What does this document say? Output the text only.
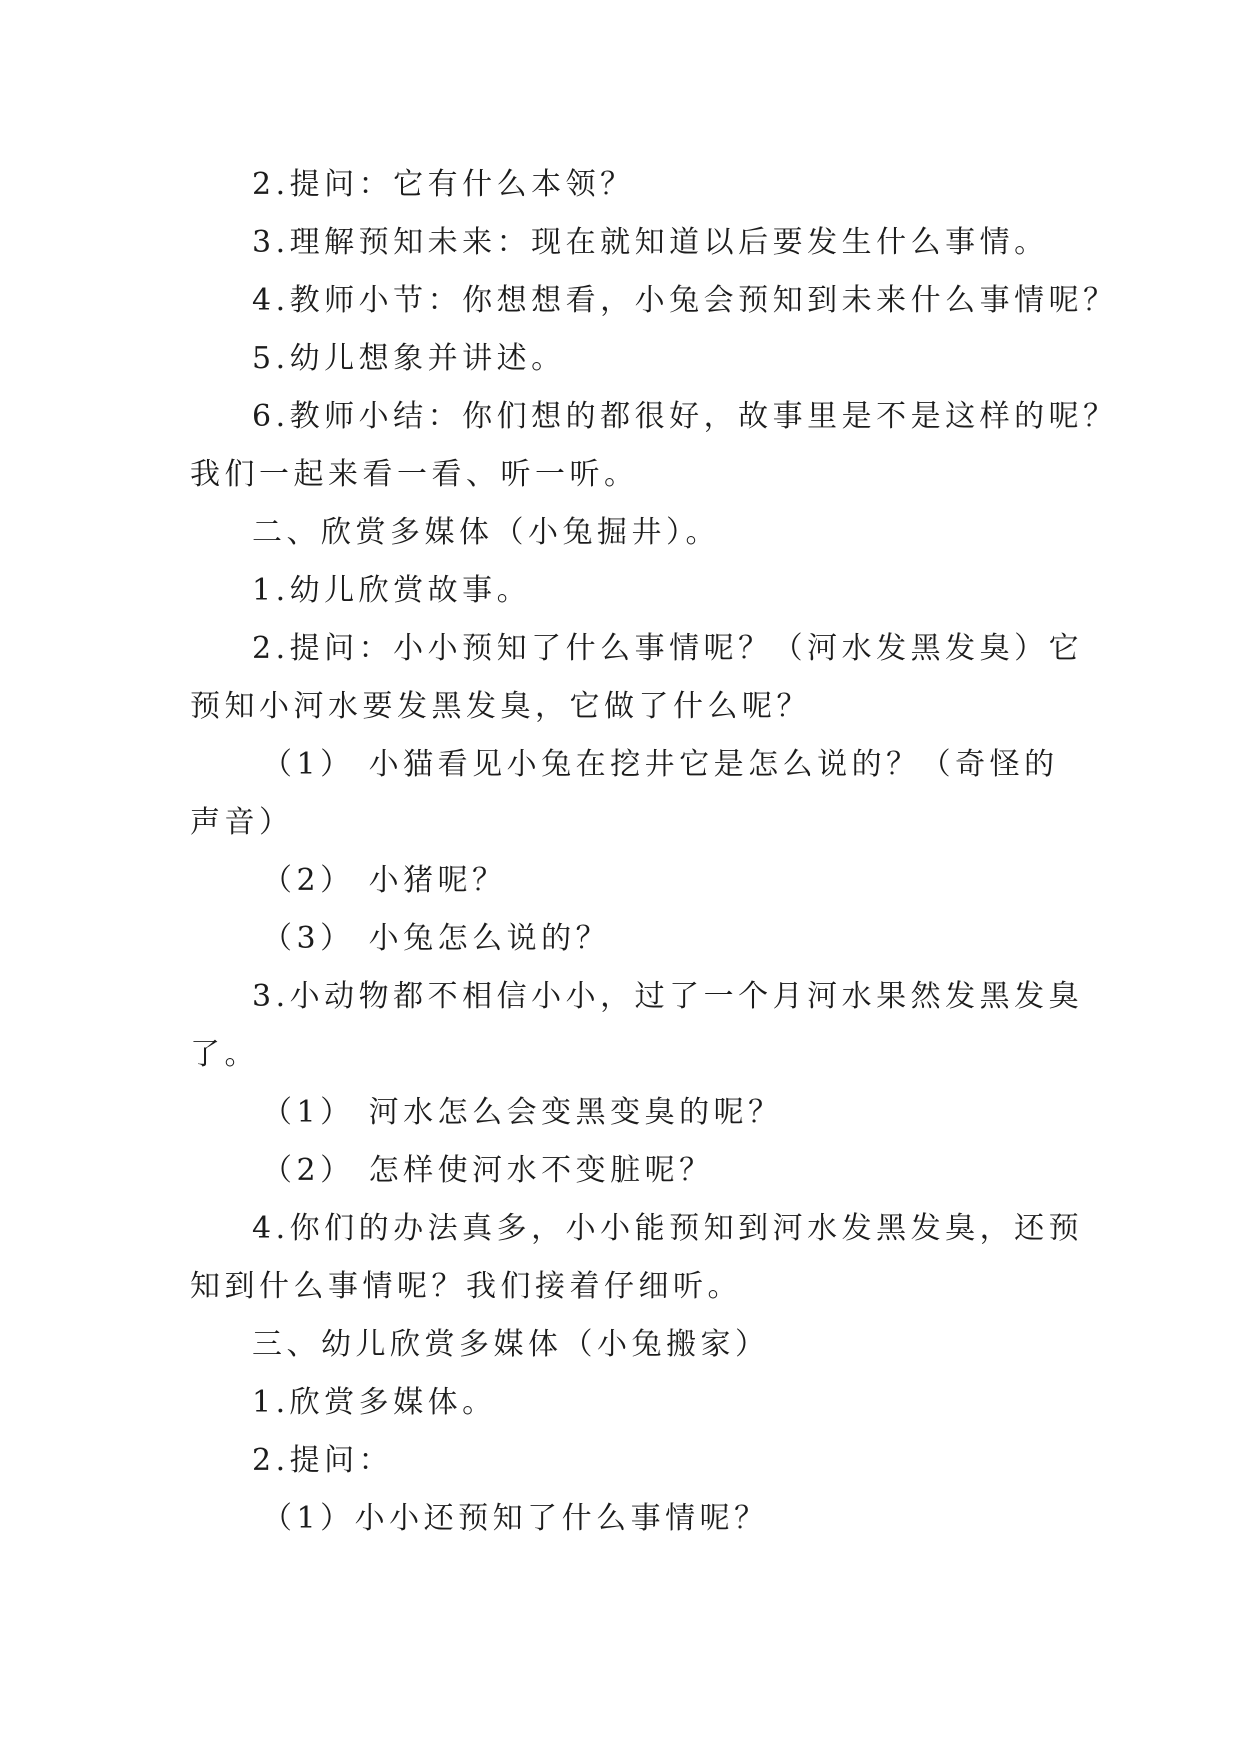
2.提问：它有什么本领？
3.理解预知未来：现在就知道以后要发生什么事情。
4.教师小节：你想想看，小兔会预知到未来什么事情呢？
5.幼儿想象并讲述。
6.教师小结：你们想的都很好，故事里是不是这样的呢？
我们一起来看一看、听一听。
二、欣赏多媒体（小兔掘井）。
1.幼儿欣赏故事。
2.提问：小小预知了什么事情呢？（河水发黑发臭）它
预知小河水要发黑发臭，它做了什么呢？
（1） 小猫看见小兔在挖井它是怎么说的？（奇怪的
声音）
（2） 小猪呢？
（3） 小兔怎么说的？
3.小动物都不相信小小，过了一个月河水果然发黑发臭
了。
（1） 河水怎么会变黑变臭的呢？
（2） 怎样使河水不变脏呢？
4.你们的办法真多，小小能预知到河水发黑发臭，还预
知到什么事情呢？我们接着仔细听。
三、幼儿欣赏多媒体（小兔搬家）
1.欣赏多媒体。
2.提问：
（1）小小还预知了什么事情呢？
